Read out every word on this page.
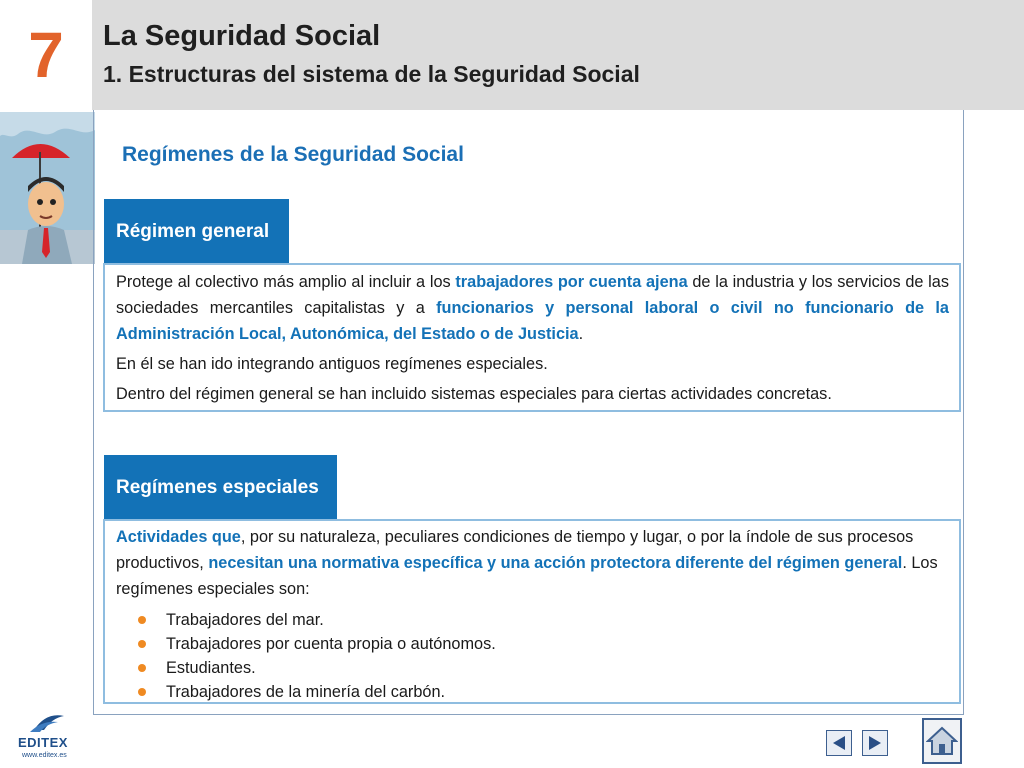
7 La Seguridad Social
1. Estructuras del sistema de la Seguridad Social
Regímenes de la Seguridad Social
Régimen general

Protege al colectivo más amplio al incluir a los trabajadores por cuenta ajena de la industria y los servicios de las sociedades mercantiles capitalistas y a funcionarios y personal laboral o civil no funcionario de la Administración Local, Autonómica, del Estado o de Justicia.

En él se han ido integrando antiguos regímenes especiales.

Dentro del régimen general se han incluido sistemas especiales para ciertas actividades concretas.

Regímenes especiales

Actividades que, por su naturaleza, peculiares condiciones de tiempo y lugar, o por la índole de sus procesos productivos, necesitan una normativa específica y una acción protectora diferente del régimen general. Los regímenes especiales son:

Trabajadores del mar.
Trabajadores por cuenta propia o autónomos.
Estudiantes.
Trabajadores de la minería del carbón.
EDITEX
www.editex.es
